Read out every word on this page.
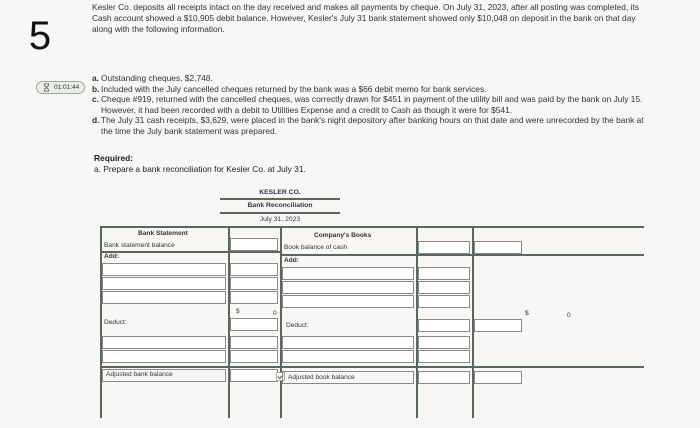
5
01:01:44
Kesler Co. deposits all receipts intact on the day received and makes all payments by cheque. On July 31, 2023, after all posting was completed, its Cash account showed a $10,905 debit balance. However, Kesler's July 31 bank statement showed only $10,048 on deposit in the bank on that day along with the following information.
a. Outstanding cheques, $2,748.
b. Included with the July cancelled cheques returned by the bank was a $66 debit memo for bank services.
c. Cheque #919, returned with the cancelled cheques, was correctly drawn for $451 in payment of the utility bill and was paid by the bank on July 15. However, it had been recorded with a debit to Utilities Expense and a credit to Cash as though it were for $541.
d. The July 31 cash receipts, $3,629, were placed in the bank's night depository after banking hours on that date and were unrecorded by the bank at the time the July bank statement was prepared.
Required:
a. Prepare a bank reconciliation for Kesler Co. at July 31.
KESLER CO.
Bank Reconciliation
July 31, 2023
Bank Statement
Bank statement balance
Add:
Company's Books
Book balance of cash
Add:
$	0
Deduct:
Adjusted bank balance
$	0
Deduct:
Adjusted book balance
